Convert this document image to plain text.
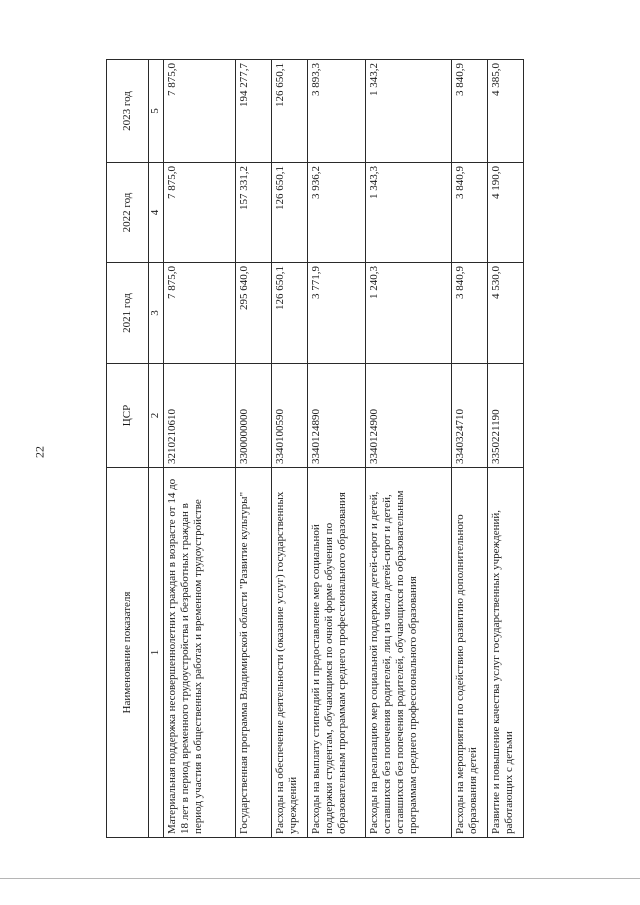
22
Наименование показателя	ЦСР	2021 год	2022 год	2023 год
1	2	3	4	5
Материальная поддержка несовершеннолетних граждан в возрасте от 14 до 18 лет в период временного трудоустройства и безработных граждан в период участия в общественных работах и временном трудоустройстве	3210210610	7 875,0	7 875,0	7 875,0
Государственная программа Владимирской области "Развитие культуры"	3300000000	295 640,0	157 331,2	194 277,7
Расходы на обеспечение деятельности (оказание услуг) государственных учреждений	3340100590	126 650,1	126 650,1	126 650,1
Расходы на выплату стипендий и предоставление мер социальной поддержки студентам, обучающимся по очной форме обучения по образовательным программам среднего профессионального образования	3340124890	3 771,9	3 936,2	3 893,3
Расходы на реализацию мер социальной поддержки детей-сирот и детей, оставшихся без попечения родителей, лиц из числа детей-сирот и детей, оставшихся без попечения родителей, обучающихся по образовательным программам среднего профессионального образования	3340124900	1 240,3	1 343,3	1 343,2
Расходы на мероприятия по содействию развитию дополнительного образования детей	3340324710	3 840,9	3 840,9	3 840,9
Развитие и повышение качества услуг государственных учреждений, работающих с детьми	3350221190	4 530,0	4 190,0	4 385,0
